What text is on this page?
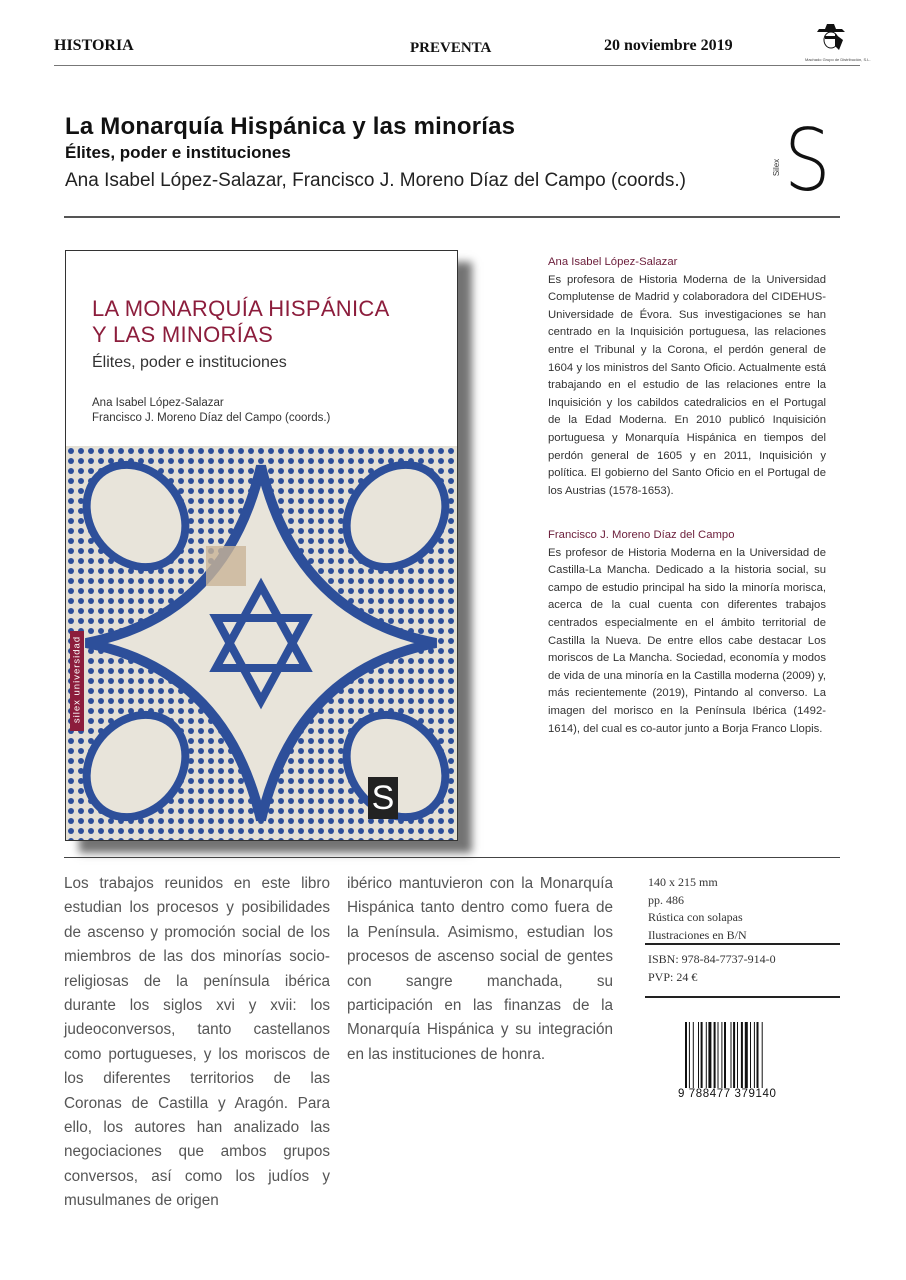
HISTORIA	PREVENTA	20 noviembre 2019
Machado Grupo de Distribución, S.L.
La Monarquía Hispánica y las minorías
Élites, poder e instituciones
Ana Isabel López-Salazar, Francisco J. Moreno Díaz del Campo (coords.) S
Silex
LA MONARQUÍA HISPÁNICA
Y LAS MINORÍAS
Élites, poder e instituciones
Ana Isabel López-Salazar
Francisco J. Moreno Díaz del Campo (coords.)
silex universidad
S
Ana Isabel López-Salazar
Es profesora de Historia Moderna de la Universidad Complutense de Madrid y colaboradora del CIDEHUS-Universidade de Évora. Sus investigaciones se han centrado en la Inquisición portuguesa, las relaciones entre el Tribunal y la Corona, el perdón general de 1604 y los ministros del Santo Oficio. Actualmente está trabajando en el estudio de las relaciones entre la Inquisición y los cabildos catedralicios en el Portugal de la Edad Moderna. En 2010 publicó Inquisición portuguesa y Monarquía Hispánica en tiempos del perdón general de 1605 y en 2011, Inquisición y política. El gobierno del Santo Oficio en el Portugal de los Austrias (1578-1653).
Francisco J. Moreno Díaz del Campo
Es profesor de Historia Moderna en la Universidad de Castilla-La Mancha. Dedicado a la historia social, su campo de estudio principal ha sido la minoría morisca, acerca de la cual cuenta con diferentes trabajos centrados especialmente en el ámbito territorial de Castilla la Nueva. De entre ellos cabe destacar Los moriscos de La Mancha. Sociedad, economía y modos de vida de una minoría en la Castilla moderna (2009) y, más recientemente (2019), Pintando al converso. La imagen del morisco en la Península Ibérica (1492-1614), del cual es co-autor junto a Borja Franco Llopis.
Los trabajos reunidos en este libro estudian los procesos y posibilidades de ascenso y promoción social de los miembros de las dos minorías socio-religiosas de la península ibérica durante los siglos xvi y xvii: los judeoconversos, tanto castellanos como portugueses, y los moriscos de los diferentes territorios de las Coronas de Castilla y Aragón. Para ello, los autores han analizado las negociaciones que ambos grupos conversos, así como los judíos y musulmanes de origen
ibérico mantuvieron con la Monarquía Hispánica tanto dentro como fuera de la Península. Asimismo, estudian los procesos de ascenso social de gentes con sangre manchada, su participación en las finanzas de la Monarquía Hispánica y su integración en las instituciones de honra.
140 x 215 mm
pp. 486
Rústica con solapas
Ilustraciones en B/N
ISBN: 978-84-7737-914-0
PVP: 24 €
9 788477 379140
